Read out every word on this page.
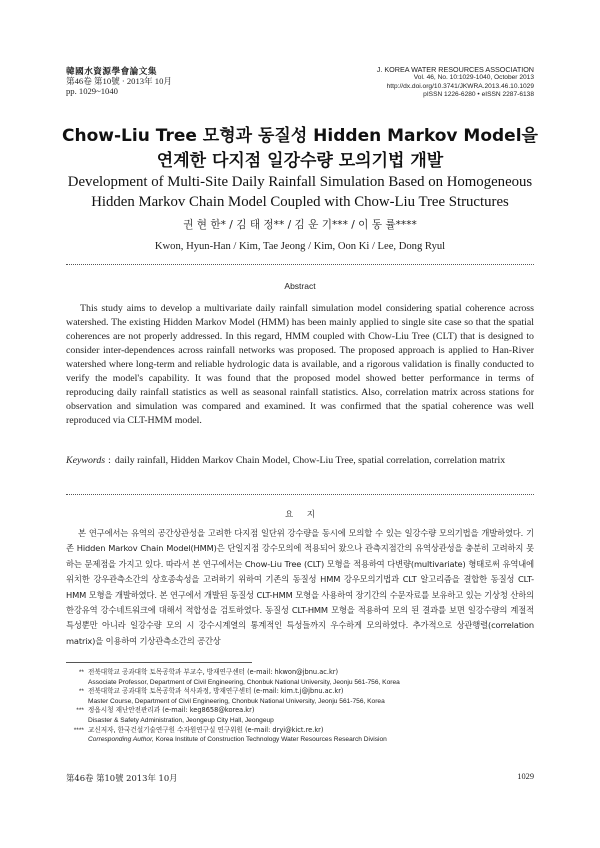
韓國水資源學會論文集
第46卷 第10號 · 2013年 10月
pp. 1029~1040
J. KOREA WATER RESOURCES ASSOCIATION
Vol. 46, No. 10:1029-1040, October 2013
http://dx.doi.org/10.3741/JKWRA.2013.46.10.1029
pISSN 1226-6280 • eISSN 2287-6138
Chow-Liu Tree 모형과 동질성 Hidden Markov Model을
연계한 다지점 일강수량 모의기법 개발
Development of Multi-Site Daily Rainfall Simulation Based on Homogeneous
Hidden Markov Chain Model Coupled with Chow-Liu Tree Structures
권 현 한* / 김 태 정** / 김 운 기*** / 이 동 률****
Kwon, Hyun-Han / Kim, Tae Jeong / Kim, Oon Ki / Lee, Dong Ryul
Abstract
This study aims to develop a multivariate daily rainfall simulation model considering spatial coherence across watershed. The existing Hidden Markov Model (HMM) has been mainly applied to single site case so that the spatial coherences are not properly addressed. In this regard, HMM coupled with Chow-Liu Tree (CLT) that is designed to consider inter-dependences across rainfall networks was proposed. The proposed approach is applied to Han-River watershed where long-term and reliable hydrologic data is available, and a rigorous validation is finally conducted to verify the model's capability. It was found that the proposed model showed better performance in terms of reproducing daily rainfall statistics as well as seasonal rainfall statistics. Also, correlation matrix across stations for observation and simulation was compared and examined. It was confirmed that the spatial coherence was well reproduced via CLT-HMM model.
Keywords : daily rainfall, Hidden Markov Chain Model, Chow-Liu Tree, spatial correlation, correlation matrix
요     지
본 연구에서는 유역의 공간상관성을 고려한 다지점 일단위 강수량을 동시에 모의할 수 있는 일강수량 모의기법을 개발하였다. 기존 Hidden Markov Chain Model(HMM)은 단일지점 강수모의에 적용되어 왔으나 관측지점간의 유역상관성을 충분히 고려하지 못하는 문제점을 가지고 있다. 따라서 본 연구에서는 Chow-Liu Tree (CLT) 모형을 적용하여 다변량(multivariate) 형태로써 유역내에 위치한 강우관측소간의 상호종속성을 고려하기 위하여 기존의 동질성 HMM 강우모의기법과 CLT 알고리즘을 결합한 동질성 CLT-HMM 모형을 개발하였다. 본 연구에서 개발된 동질성 CLT-HMM 모형을 사용하여 장기간의 수문자료를 보유하고 있는 기상청 산하의 한강유역 강수네트워크에 대해서 적합성을 검토하였다. 동질성 CLT-HMM 모형을 적용하여 모의 된 결과를 보면 일강수량의 계절적 특성뿐만 아니라 일강수량 모의 시 강수시계열의 통계적인 특성들까지 우수하게 모의하였다. 추가적으로 상관행렬(correlation matrix)을 이용하여 기상관측소간의 공간상
** 전북대학교 공과대학 토목공학과 부교수, 방재연구센터 (e-mail: hkwon@jbnu.ac.kr)
Associate Professor, Department of Civil Engineering, Chonbuk National University, Jeonju 561-756, Korea
** 전북대학교 공과대학 토목공학과 석사과정, 방재연구센터 (e-mail: kim.t.j@jbnu.ac.kr)
Master Course, Department of Civil Engineering, Chonbuk National University, Jeonju 561-756, Korea
*** 정읍시청 재난안전관리과 (e-mail: keg8658@korea.kr)
Disaster & Safety Administration, Jeongeup City Hall, Jeongeup
**** 교신저자, 한국건설기술연구원 수자원연구실 연구위원 (e-mail: dryi@kict.re.kr)
Corresponding Author, Korea Institute of Construction Technology Water Resources Research Division
第46卷 第10號 2013年 10月	1029
